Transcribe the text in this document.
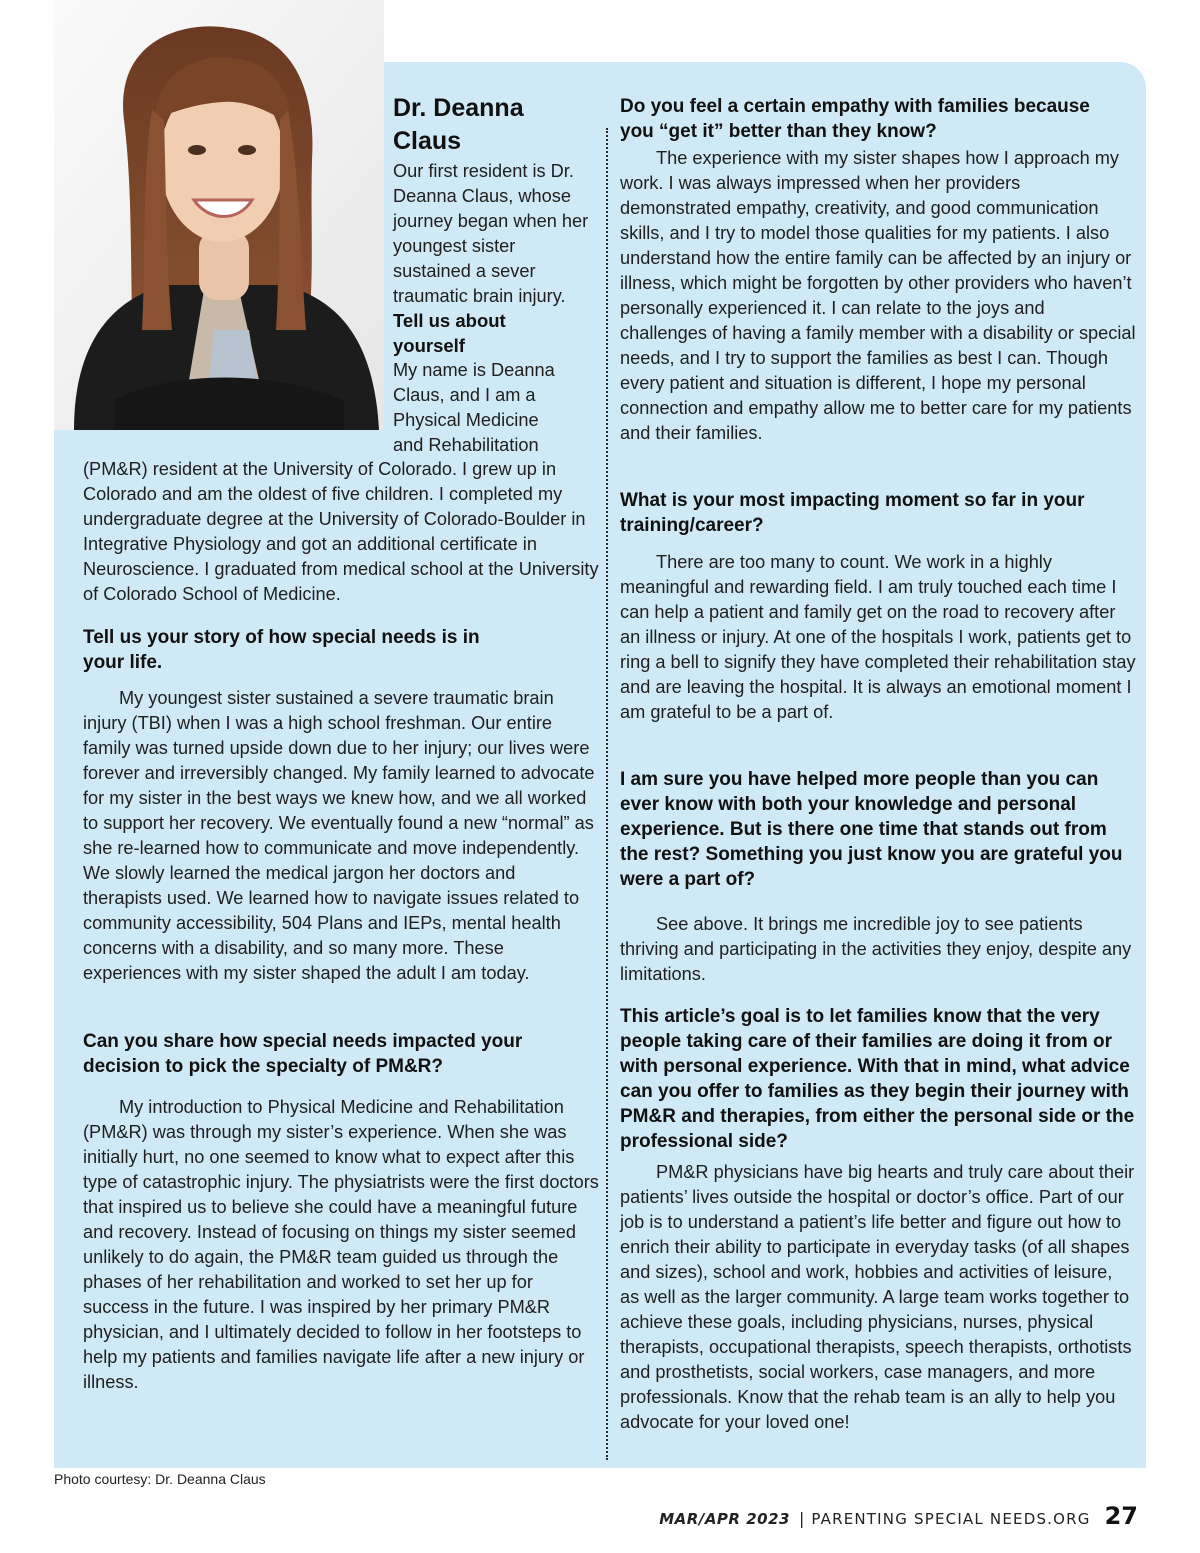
Dr. Deanna Claus
Our first resident is Dr. Deanna Claus, whose journey began when her youngest sister sustained a sever traumatic brain injury.
Tell us about yourself
My name is Deanna Claus, and I am a Physical Medicine and Rehabilitation
(PM&R) resident at the University of Colorado. I grew up in Colorado and am the oldest of five children. I completed my undergraduate degree at the University of Colorado-Boulder in Integrative Physiology and got an additional certificate in Neuroscience. I graduated from medical school at the University of Colorado School of Medicine.
Tell us your story of how special needs is in your life.
My youngest sister sustained a severe traumatic brain injury (TBI) when I was a high school freshman. Our entire family was turned upside down due to her injury; our lives were forever and irreversibly changed. My family learned to advocate for my sister in the best ways we knew how, and we all worked to support her recovery. We eventually found a new “normal” as she re-learned how to communicate and move independently. We slowly learned the medical jargon her doctors and therapists used. We learned how to navigate issues related to community accessibility, 504 Plans and IEPs, mental health concerns with a disability, and so many more. These experiences with my sister shaped the adult I am today.
Can you share how special needs impacted your decision to pick the specialty of PM&R?
My introduction to Physical Medicine and Rehabilitation (PM&R) was through my sister’s experience. When she was initially hurt, no one seemed to know what to expect after this type of catastrophic injury. The physiatrists were the first doctors that inspired us to believe she could have a meaningful future and recovery. Instead of focusing on things my sister seemed unlikely to do again, the PM&R team guided us through the phases of her rehabilitation and worked to set her up for success in the future. I was inspired by her primary PM&R physician, and I ultimately decided to follow in her footsteps to help my patients and families navigate life after a new injury or illness.
Do you feel a certain empathy with families because you “get it” better than they know?
The experience with my sister shapes how I approach my work. I was always impressed when her providers demonstrated empathy, creativity, and good communication skills, and I try to model those qualities for my patients. I also understand how the entire family can be affected by an injury or illness, which might be forgotten by other providers who haven’t personally experienced it. I can relate to the joys and challenges of having a family member with a disability or special needs, and I try to support the families as best I can. Though every patient and situation is different, I hope my personal connection and empathy allow me to better care for my patients and their families.
What is your most impacting moment so far in your training/career?
There are too many to count. We work in a highly meaningful and rewarding field. I am truly touched each time I can help a patient and family get on the road to recovery after an illness or injury. At one of the hospitals I work, patients get to ring a bell to signify they have completed their rehabilitation stay and are leaving the hospital. It is always an emotional moment I am grateful to be a part of.
I am sure you have helped more people than you can ever know with both your knowledge and personal experience. But is there one time that stands out from the rest? Something you just know you are grateful you were a part of?
See above. It brings me incredible joy to see patients thriving and participating in the activities they enjoy, despite any limitations.
This article’s goal is to let families know that the very people taking care of their families are doing it from or with personal experience. With that in mind, what advice can you offer to families as they begin their journey with PM&R and therapies, from either the personal side or the professional side?
PM&R physicians have big hearts and truly care about their patients’ lives outside the hospital or doctor’s office. Part of our job is to understand a patient’s life better and figure out how to enrich their ability to participate in everyday tasks (of all shapes and sizes), school and work, hobbies and activities of leisure, as well as the larger community. A large team works together to achieve these goals, including physicians, nurses, physical therapists, occupational therapists, speech therapists, orthotists and prosthetists, social workers, case managers, and more professionals. Know that the rehab team is an ally to help you advocate for your loved one!
Photo courtesy: Dr. Deanna Claus
MAR/APR 2023 | PARENTING SPECIAL NEEDS.ORG 27
